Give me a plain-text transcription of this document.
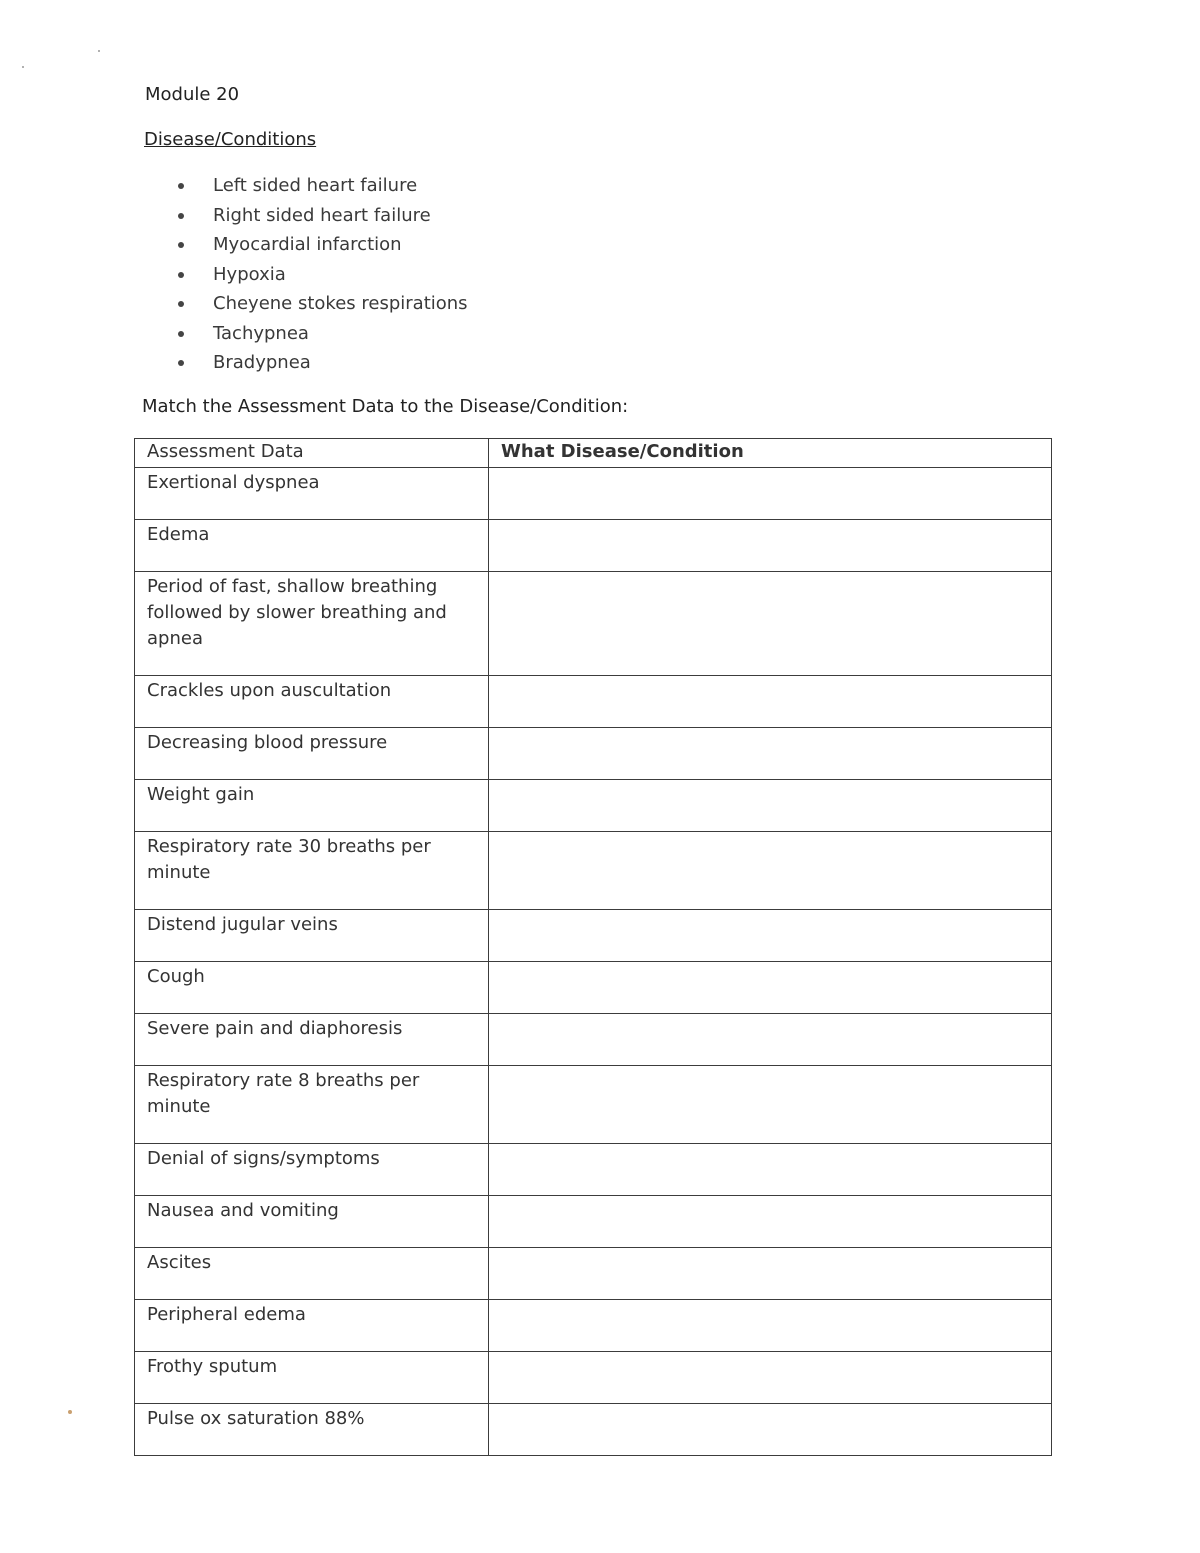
Module 20
Disease/Conditions
Left sided heart failure
Right sided heart failure
Myocardial infarction
Hypoxia
Cheyene stokes respirations
Tachypnea
Bradypnea
Match the Assessment Data to the Disease/Condition:
Assessment Data	What Disease/Condition
Exertional dyspnea	
Edema	
Period of fast, shallow breathing followed by slower breathing and apnea	
Crackles upon auscultation	
Decreasing blood pressure	
Weight gain	
Respiratory rate 30 breaths per minute	
Distend jugular veins	
Cough	
Severe pain and diaphoresis	
Respiratory rate 8 breaths per minute	
Denial of signs/symptoms	
Nausea and vomiting	
Ascites	
Peripheral edema	
Frothy sputum	
Pulse ox saturation 88%	
